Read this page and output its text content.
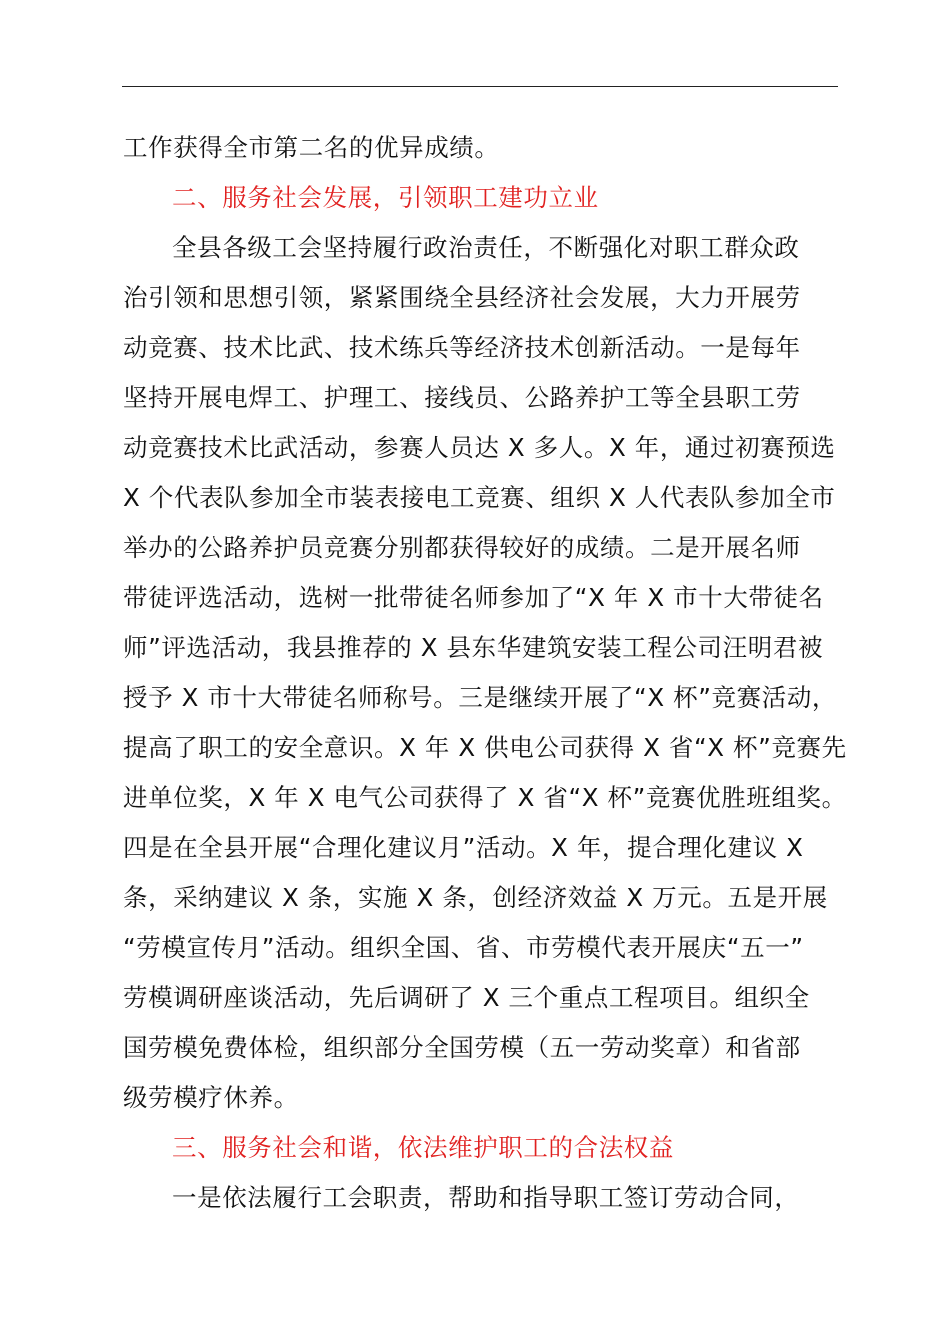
工作获得全市第二名的优异成绩。
二、服务社会发展，引领职工建功立业
全县各级工会坚持履行政治责任，不断强化对职工群众政
治引领和思想引领，紧紧围绕全县经济社会发展，大力开展劳
动竞赛、技术比武、技术练兵等经济技术创新活动。一是每年
坚持开展电焊工、护理工、接线员、公路养护工等全县职工劳
动竞赛技术比武活动，参赛人员达 X 多人。X 年，通过初赛预选
X 个代表队参加全市装表接电工竞赛、组织 X 人代表队参加全市
举办的公路养护员竞赛分别都获得较好的成绩。二是开展名师
带徒评选活动，选树一批带徒名师参加了“X 年 X 市十大带徒名
师”评选活动，我县推荐的 X 县东华建筑安装工程公司汪明君被
授予 X 市十大带徒名师称号。三是继续开展了“X 杯”竞赛活动，
提高了职工的安全意识。X 年 X 供电公司获得 X 省“X 杯”竞赛先
进单位奖，X 年 X 电气公司获得了 X 省“X 杯”竞赛优胜班组奖。
四是在全县开展“合理化建议月”活动。X 年，提合理化建议 X
条，采纳建议 X 条，实施 X 条，创经济效益 X 万元。五是开展
“劳模宣传月”活动。组织全国、省、市劳模代表开展庆“五一”
劳模调研座谈活动，先后调研了 X 三个重点工程项目。组织全
国劳模免费体检，组织部分全国劳模（五一劳动奖章）和省部
级劳模疗休养。
三、服务社会和谐，依法维护职工的合法权益
一是依法履行工会职责，帮助和指导职工签订劳动合同，
